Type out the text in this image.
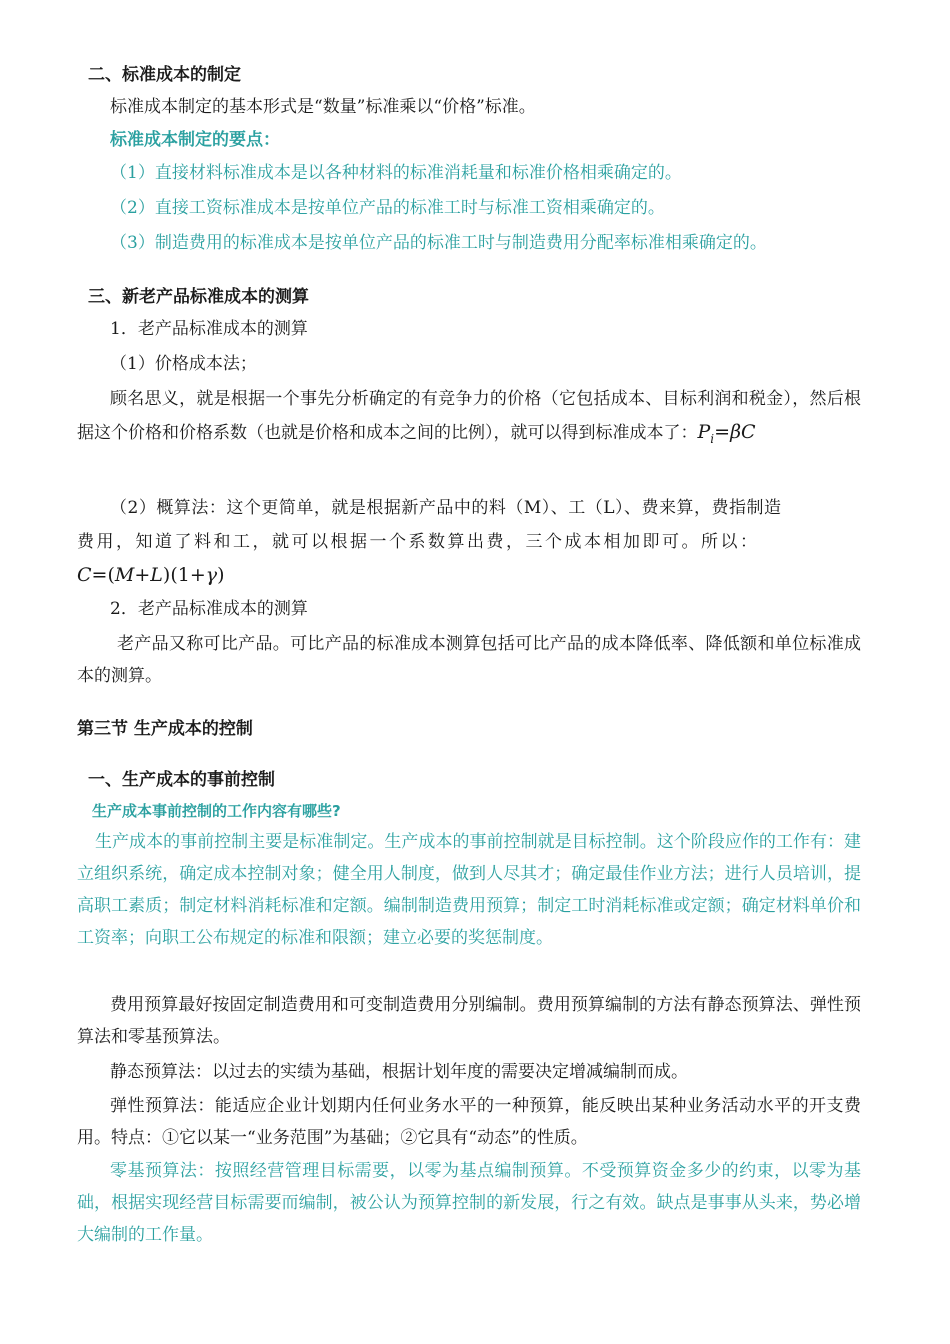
二、标准成本的制定

标准成本制定的基本形式是“数量”标准乘以“价格”标准。

标准成本制定的要点：

（1）直接材料标准成本是以各种材料的标准消耗量和标准价格相乘确定的。

（2）直接工资标准成本是按单位产品的标准工时与标准工资相乘确定的。

（3）制造费用的标准成本是按单位产品的标准工时与制造费用分配率标准相乘确定的。

三、新老产品标准成本的测算

1．老产品标准成本的测算

（1）价格成本法；

顾名思义，就是根据一个事先分析确定的有竞争力的价格（它包括成本、目标利润和税金），然后根据这个价格和价格系数（也就是价格和成本之间的比例），就可以得到标准成本了：$P_i=\beta C$

（2）概算法：这个更简单，就是根据新产品中的料（M）、工（L）、费来算，费指制造

费用，知道了料和工，就可以根据一个系数算出费，三个成本相加即可。所以：

C=(M+L)(1+γ)

2．老产品标准成本的测算

老产品又称可比产品。可比产品的标准成本测算包括可比产品的成本降低率、降低额和单位标准成本的测算。

第三节 生产成本的控制

一、生产成本的事前控制

生产成本事前控制的工作内容有哪些?

生产成本的事前控制主要是标准制定。生产成本的事前控制就是目标控制。这个阶段应作的工作有：建立组织系统，确定成本控制对象；健全用人制度，做到人尽其才；确定最佳作业方法；进行人员培训，提高职工素质；制定材料消耗标准和定额。编制制造费用预算；制定工时消耗标准或定额；确定材料单价和工资率；向职工公布规定的标准和限额；建立必要的奖惩制度。

费用预算最好按固定制造费用和可变制造费用分别编制。费用预算编制的方法有静态预算法、弹性预算法和零基预算法。

静态预算法：以过去的实绩为基础，根据计划年度的需要决定增减编制而成。

弹性预算法：能适应企业计划期内任何业务水平的一种预算，能反映出某种业务活动水平的开支费用。特点：①它以某一“业务范围”为基础；②它具有“动态”的性质。

零基预算法：按照经营管理目标需要，以零为基点编制预算。不受预算资金多少的约束，以零为基础，根据实现经营目标需要而编制，被公认为预算控制的新发展，行之有效。缺点是事事从头来，势必增大编制的工作量。
